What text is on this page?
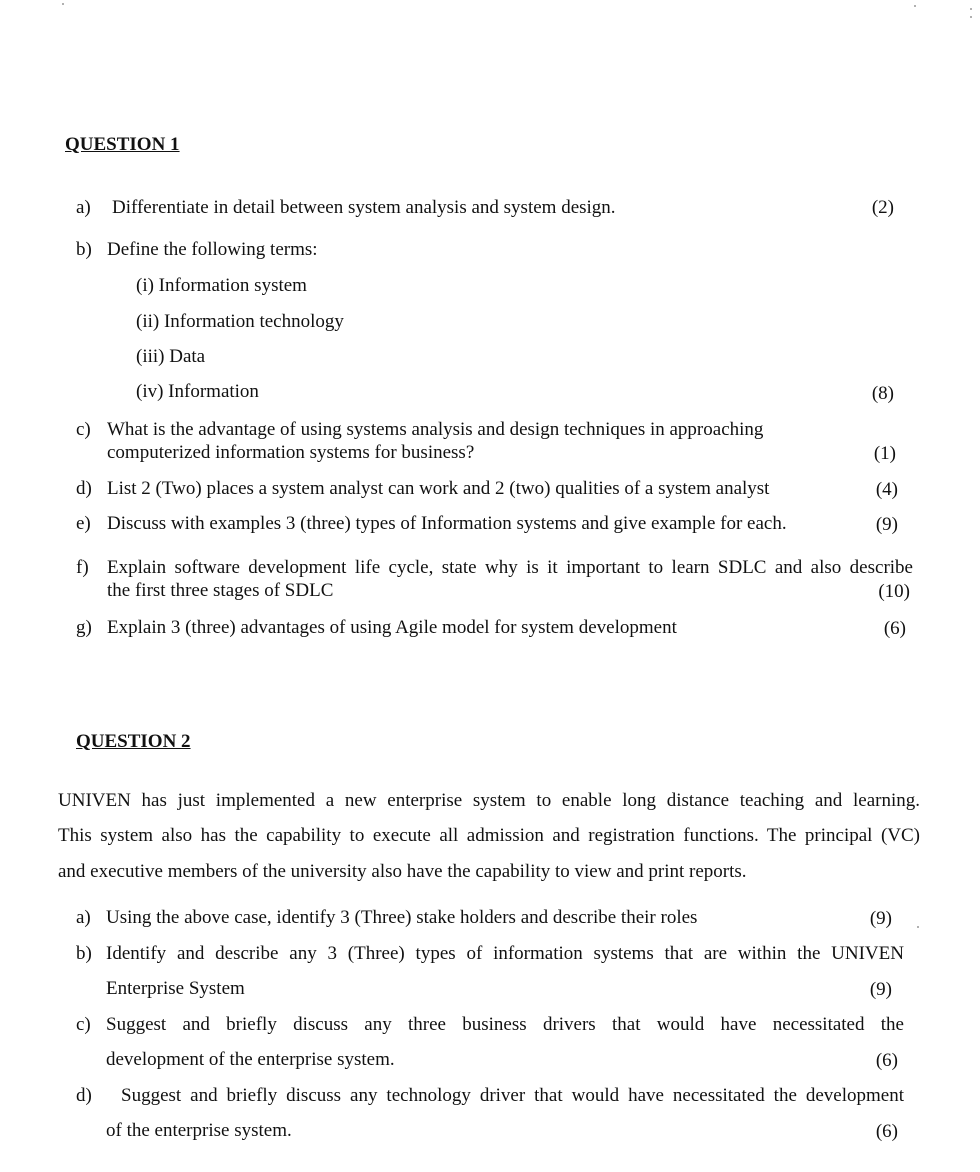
QUESTION 1
a)	Differentiate in detail between system analysis and system design.	(2)
b) Define the following terms:
(i) Information system
(ii) Information technology
(iii) Data
(iv) Information	(8)
c) What is the advantage of using systems analysis and design techniques in approaching
computerized information systems for business?	(1)
d) List 2 (Two) places a system analyst can work and 2 (two) qualities of a system analyst	(4)
e) Discuss with examples 3 (three) types of Information systems and give example for each.	(9)
f) Explain software development life cycle, state why is it important to learn SDLC and also describe
the first three stages of SDLC	(10)
g) Explain 3 (three) advantages of using Agile model for system development	(6)
QUESTION 2
UNIVEN has just implemented a new enterprise system to enable long distance teaching and learning.
This system also has the capability to execute all admission and registration functions. The principal (VC)
and executive members of the university also have the capability to view and print reports.
a) Using the above case, identify 3 (Three) stake holders and describe their roles	(9)
b) Identify and describe any 3 (Three) types of information systems that are within the UNIVEN
Enterprise System	(9)
c) Suggest and briefly discuss any three business drivers that would have necessitated the
development of the enterprise system.	(6)
d)	Suggest and briefly discuss any technology driver that would have necessitated the development
of the enterprise system.	(6)
